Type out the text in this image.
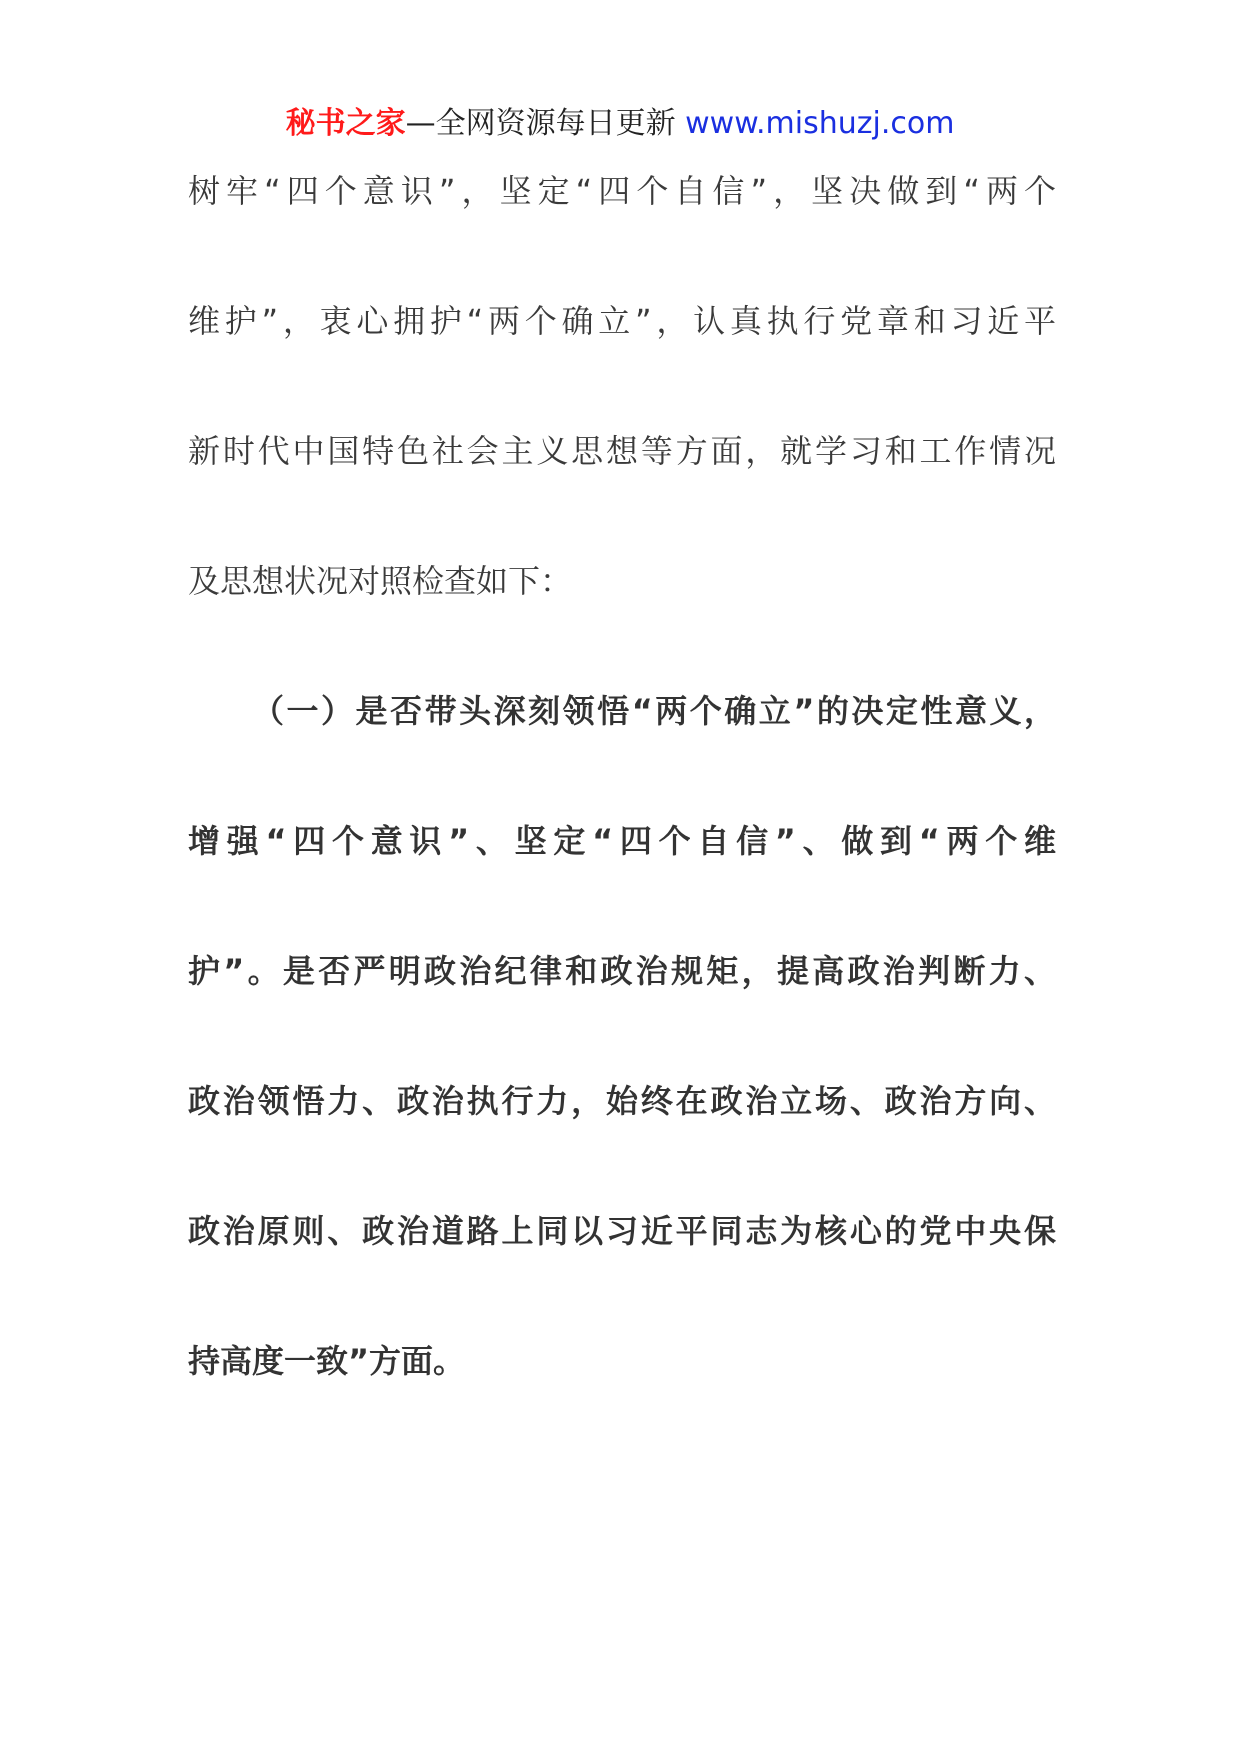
秘书之家—全网资源每日更新 www.mishuzj.com
树牢“四个意识”，坚定“四个自信”，坚决做到“两个
维护”，衷心拥护“两个确立”，认真执行党章和习近平
新时代中国特色社会主义思想等方面，就学习和工作情况
及思想状况对照检查如下：
（一）是否带头深刻领悟“两个确立”的决定性意义，
增强“四个意识”、坚定“四个自信”、做到“两个维
护”。是否严明政治纪律和政治规矩，提高政治判断力、
政治领悟力、政治执行力，始终在政治立场、政治方向、
政治原则、政治道路上同以习近平同志为核心的党中央保
持高度一致”方面。
